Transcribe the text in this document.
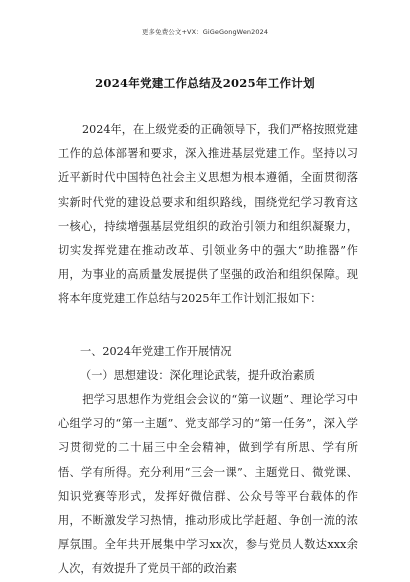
更多免费公文+VX：GiGeGongWen2024
2024年党建工作总结及2025年工作计划
2024年，在上级党委的正确领导下，我们严格按照党建工作的总体部署和要求，深入推进基层党建工作。坚持以习近平新时代中国特色社会主义思想为根本遵循，全面贯彻落实新时代党的建设总要求和组织路线，围绕党纪学习教育这一核心，持续增强基层党组织的政治引领力和组织凝聚力，切实发挥党建在推动改革、引领业务中的强大“助推器”作用，为事业的高质量发展提供了坚强的政治和组织保障。现将本年度党建工作总结与2025年工作计划汇报如下：
一、2024年党建工作开展情况
（一）思想建设：深化理论武装，提升政治素质
把学习思想作为党组会会议的“第一议题”、理论学习中心组学习的“第一主题”、党支部学习的“第一任务”，深入学习贯彻党的二十届三中全会精神，做到学有所思、学有所悟、学有所得。充分利用“三会一课”、主题党日、微党课、知识党赛等形式，发挥好微信群、公众号等平台载体的作用，不断激发学习热情，推动形成比学赶超、争创一流的浓厚氛围。全年共开展集中学习xx次，参与党员人数达xxx余人次，有效提升了党员干部的政治素
